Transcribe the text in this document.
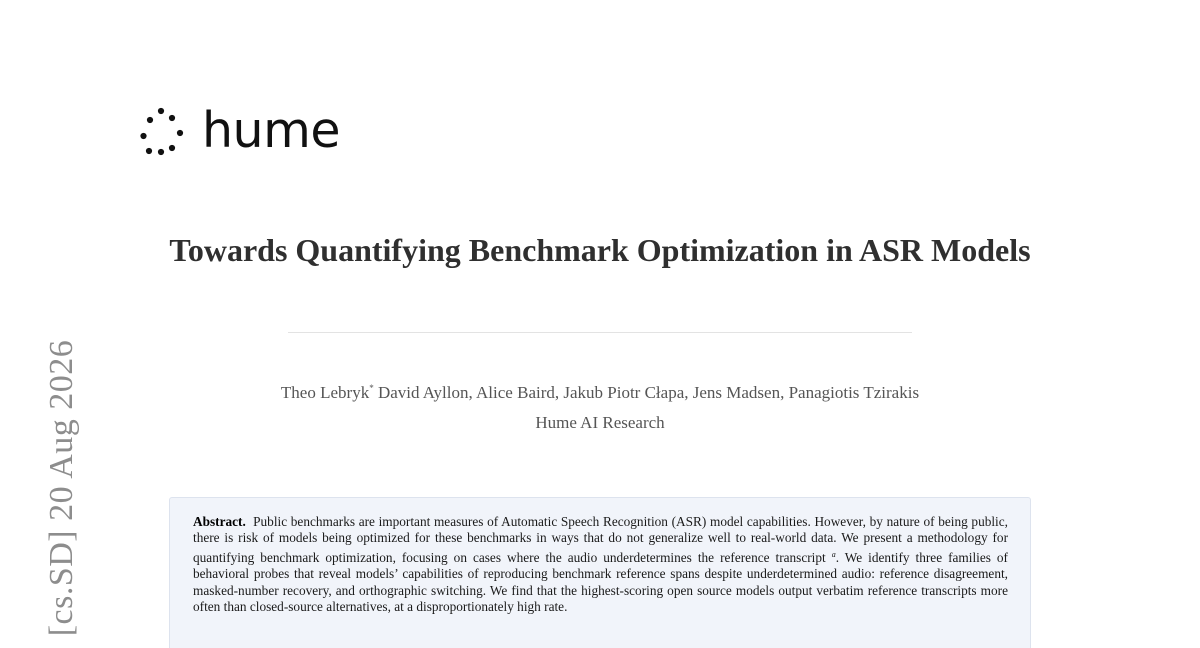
hume
Towards Quantifying Benchmark Optimization in ASR Models
Theo Lebryk* David Ayllon, Alice Baird, Jakub Piotr Cłapa, Jens Madsen, Panagiotis Tzirakis
Hume AI Research
[cs.SD] 20 Aug 2026	Abstract. Public benchmarks are important measures of Automatic Speech Recognition (ASR) model capabilities. However, by nature of being public, there is risk of models being optimized for these benchmarks in ways that do not generalize well to real-world data. We present a methodology for quantifying benchmark optimization, focusing on cases where the audio underdetermines the reference transcript $^a$. We identify three families of behavioral probes that reveal models’ capabilities of reproducing benchmark reference spans despite underdetermined audio: reference disagreement, masked-number recovery, and orthographic switching. We find that the highest-scoring open source models output verbatim reference transcripts more often than closed-source alternatives, at a disproportionately high rate.
